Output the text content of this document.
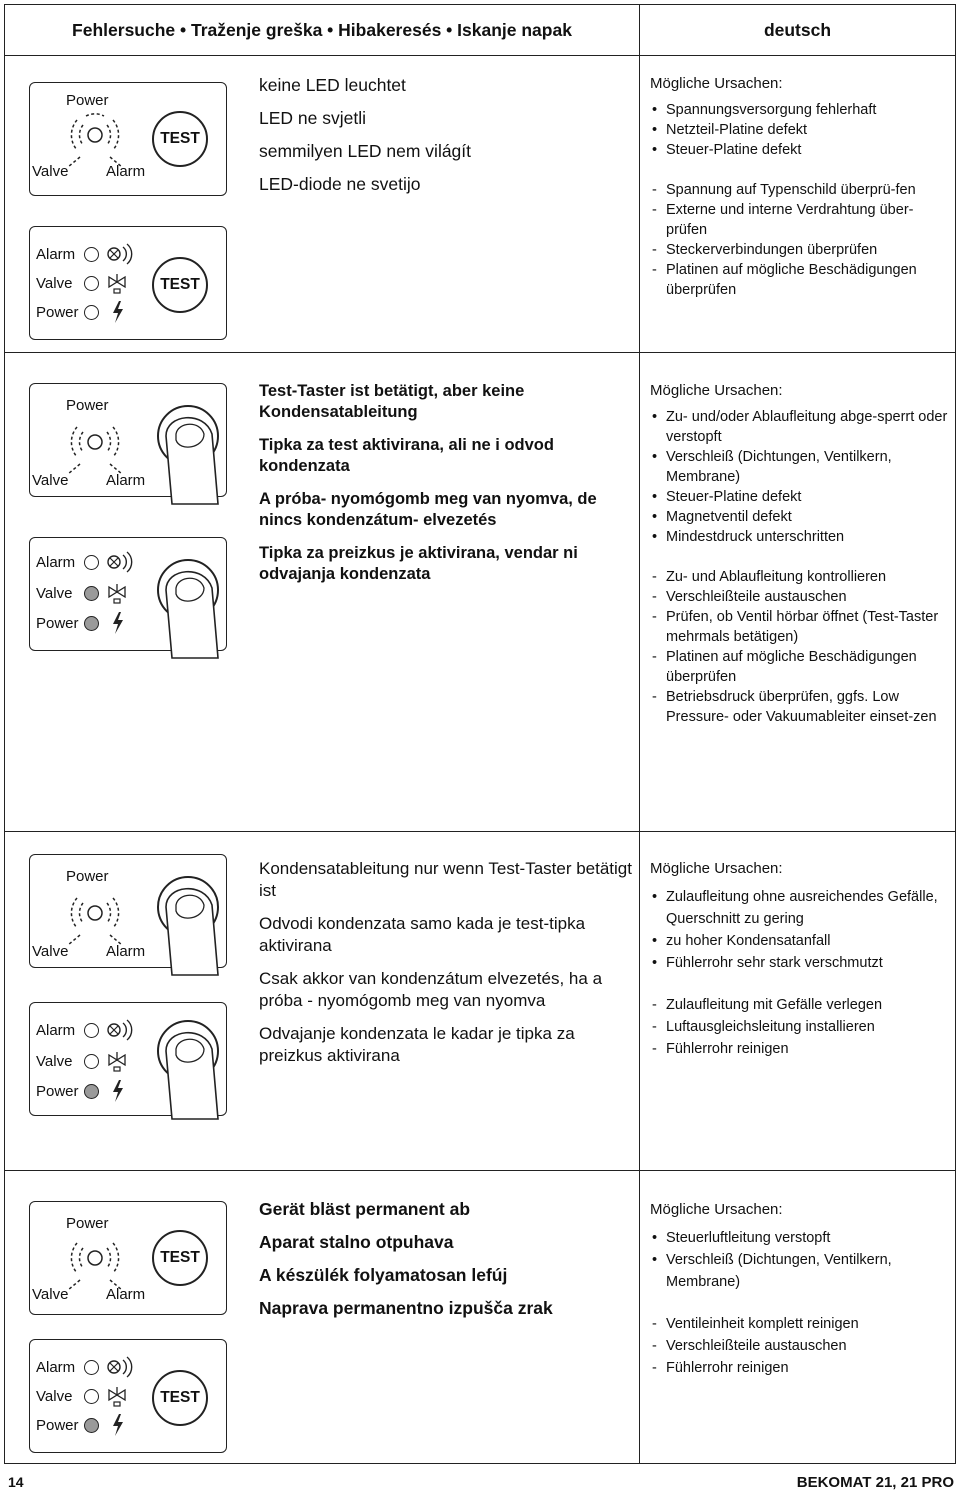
Fehlersuche • Traženje greška • Hibakeresés • Iskanje napak	deutsch
Power
Valve	Alarm
TEST
Alarm
Valve
Power
TEST
keine LED leuchtet
LED ne svjetli
semmilyen LED nem világít
LED-diode ne svetijo
Mögliche Ursachen:
• Spannungsversorgung fehlerhaft
• Netzteil-Platine defekt
• Steuer-Platine defekt
- Spannung auf Typenschild überprü-fen
- Externe und interne Verdrahtung über-prüfen
- Steckerverbindungen überprüfen
- Platinen auf mögliche Beschädigungen überprüfen
Power
Valve	Alarm
Alarm
Valve
Power
Test-Taster ist betätigt, aber keine Kondensatableitung
Tipka za test aktivirana, ali ne i odvod kondenzata
A próba- nyomógomb meg van nyomva, de nincs kondenzátum- elvezetés
Tipka za preizkus je aktivirana, vendar ni odvajanja kondenzata
Mögliche Ursachen:
• Zu- und/oder Ablaufleitung abge-sperrt oder verstopft
• Verschleiß (Dichtungen, Ventilkern, Membrane)
• Steuer-Platine defekt
• Magnetventil defekt
• Mindestdruck unterschritten
- Zu- und Ablaufleitung kontrollieren
- Verschleißteile austauschen
- Prüfen, ob Ventil hörbar öffnet (Test-Taster mehrmals betätigen)
- Platinen auf mögliche Beschädigungen überprüfen
- Betriebsdruck überprüfen, ggfs. Low Pressure- oder Vakuumableiter einset-zen
Power
Valve	Alarm
Alarm
Valve
Power
Kondensatableitung nur wenn Test-Taster betätigt ist
Odvodi kondenzata samo kada je test-tipka aktivirana
Csak akkor van kondenzátum elvezetés, ha a próba - nyomógomb meg van nyomva
Odvajanje kondenzata le kadar je tipka za preizkus aktivirana
Mögliche Ursachen:
• Zulaufleitung ohne ausreichendes Gefälle, Querschnitt zu gering
• zu hoher Kondensatanfall
• Fühlerrohr sehr stark verschmutzt
- Zulaufleitung mit Gefälle verlegen
- Luftausgleichsleitung installieren
- Fühlerrohr reinigen
Power
Valve	Alarm
TEST
Alarm
Valve
Power
TEST
Gerät bläst permanent ab
Aparat stalno otpuhava
A készülék folyamatosan lefúj
Naprava permanentno izpušča zrak
Mögliche Ursachen:
• Steuerluftleitung verstopft
• Verschleiß (Dichtungen, Ventilkern, Membrane)
- Ventileinheit komplett reinigen
- Verschleißteile austauschen
- Fühlerrohr reinigen
14	BEKOMAT 21, 21 PRO
